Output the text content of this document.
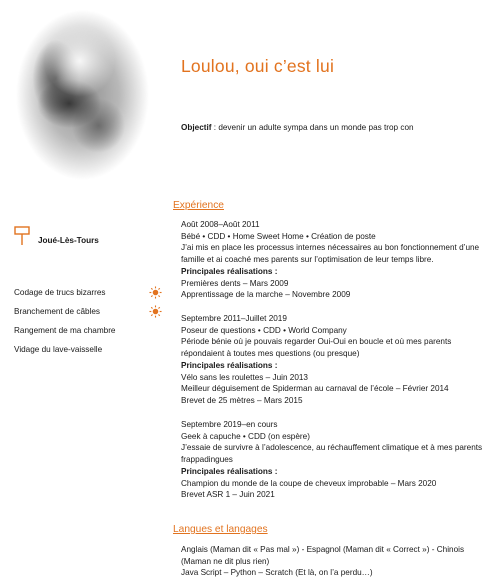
Loulou, oui c’est lui

Objectif : devenir un adulte sympa dans un monde pas trop con

Joué-Lès-Tours
Codage de trucs bizarres
Branchement de câbles
Rangement de ma chambre
Vidage du lave-vaisselle
Expérience

Août 2008–Août 2011

Bébé • CDD • Home Sweet Home • Création de poste

J’ai mis en place les processus internes nécessaires au bon fonctionnement d’une famille et ai coaché mes parents sur l’optimisation de leur temps libre.

Principales réalisations :

Premières dents – Mars 2009

Apprentissage de la marche – Novembre 2009

Septembre 2011–Juillet 2019

Poseur de questions • CDD • World Company

Période bénie où je pouvais regarder Oui-Oui en boucle et où mes parents répondaient à toutes mes questions (ou presque)

Principales réalisations :

Vélo sans les roulettes – Juin 2013

Meilleur déguisement de Spiderman au carnaval de l’école – Février 2014

Brevet de 25 mètres – Mars 2015

Septembre 2019–en cours

Geek à capuche • CDD (on espère)

J’essaie de survivre à l’adolescence, au réchauffement climatique et à mes parents frappadingues

Principales réalisations :

Champion du monde de la coupe de cheveux improbable – Mars 2020

Brevet ASR 1 – Juin 2021

Langues et langages

Anglais (Maman dit « Pas mal ») - Espagnol (Maman dit « Correct ») - Chinois (Maman ne dit plus rien)

Java Script – Python – Scratch (Et là, on l’a perdu…)
